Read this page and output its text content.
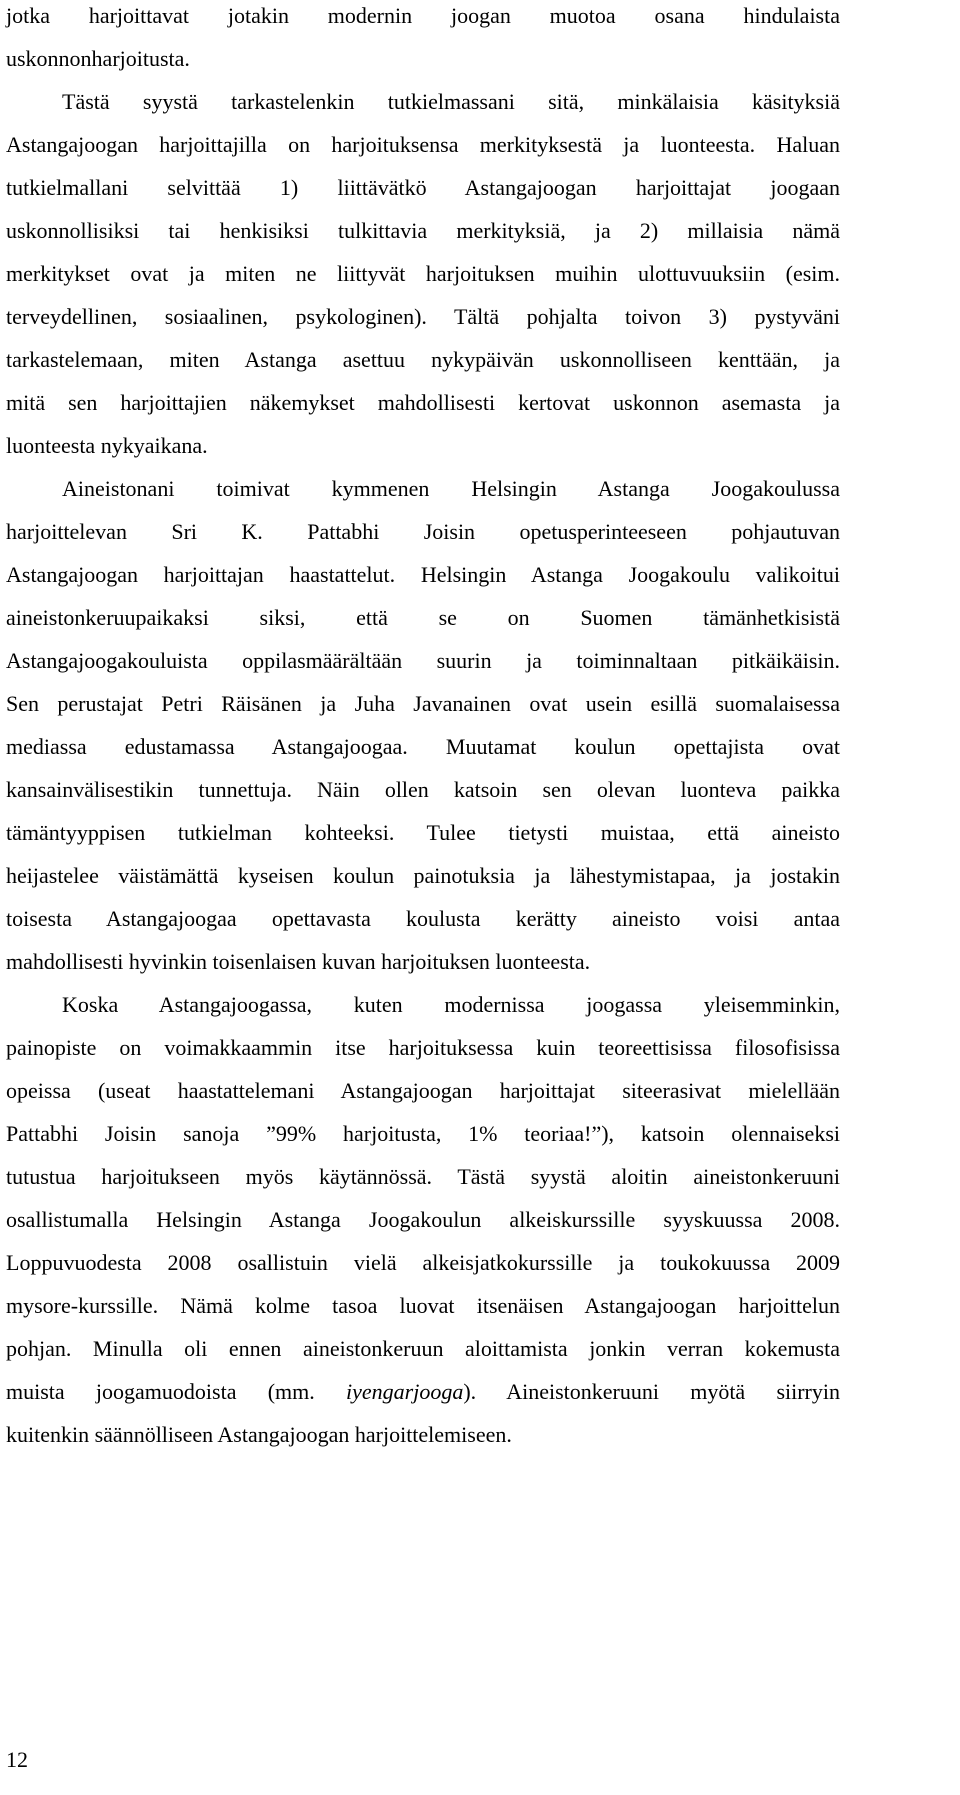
jotka harjoittavat jotakin modernin joogan muotoa osana hindulaista
uskonnonharjoitusta.
Tästä syystä tarkastelenkin tutkielmassani sitä, minkälaisia käsityksiä
Astangajoogan harjoittajilla on harjoituksensa merkityksestä ja luonteesta. Haluan
tutkielmallani selvittää 1) liittävätkö Astangajoogan harjoittajat joogaan
uskonnollisiksi tai henkisiksi tulkittavia merkityksiä, ja 2) millaisia nämä
merkitykset ovat ja miten ne liittyvät harjoituksen muihin ulottuvuuksiin (esim.
terveydellinen, sosiaalinen, psykologinen). Tältä pohjalta toivon 3) pystyväni
tarkastelemaan, miten Astanga asettuu nykypäivän uskonnolliseen kenttään, ja
mitä sen harjoittajien näkemykset mahdollisesti kertovat uskonnon asemasta ja
luonteesta nykyaikana.
Aineistonani toimivat kymmenen Helsingin Astanga Joogakoulussa
harjoittelevan Sri K. Pattabhi Joisin opetusperinteeseen pohjautuvan
Astangajoogan harjoittajan haastattelut. Helsingin Astanga Joogakoulu valikoitui
aineistonkeruupaikaksi siksi, että se on Suomen tämänhetkisistä
Astangajoogakouluista oppilasmäärältään suurin ja toiminnaltaan pitkäikäisin.
Sen perustajat Petri Räisänen ja Juha Javanainen ovat usein esillä suomalaisessa
mediassa edustamassa Astangajoogaa. Muutamat koulun opettajista ovat
kansainvälisestikin tunnettuja. Näin ollen katsoin sen olevan luonteva paikka
tämäntyyppisen tutkielman kohteeksi. Tulee tietysti muistaa, että aineisto
heijastelee väistämättä kyseisen koulun painotuksia ja lähestymistapaa, ja jostakin
toisesta Astangajoogaa opettavasta koulusta kerätty aineisto voisi antaa
mahdollisesti hyvinkin toisenlaisen kuvan harjoituksen luonteesta.
Koska Astangajoogassa, kuten modernissa joogassa yleisemminkin,
painopiste on voimakkaammin itse harjoituksessa kuin teoreettisissa filosofisissa
opeissa (useat haastattelemani Astangajoogan harjoittajat siteerasivat mielellään
Pattabhi Joisin sanoja ”99% harjoitusta, 1% teoriaa!”), katsoin olennaiseksi
tutustua harjoitukseen myös käytännössä. Tästä syystä aloitin aineistonkeruuni
osallistumalla Helsingin Astanga Joogakoulun alkeiskurssille syyskuussa 2008.
Loppuvuodesta 2008 osallistuin vielä alkeisjatkokurssille ja toukokuussa 2009
mysore-kurssille. Nämä kolme tasoa luovat itsenäisen Astangajoogan harjoittelun
pohjan. Minulla oli ennen aineistonkeruun aloittamista jonkin verran kokemusta
muista joogamuodoista (mm. iyengarjooga). Aineistonkeruuni myötä siirryin
kuitenkin säännölliseen Astangajoogan harjoittelemiseen.
12
